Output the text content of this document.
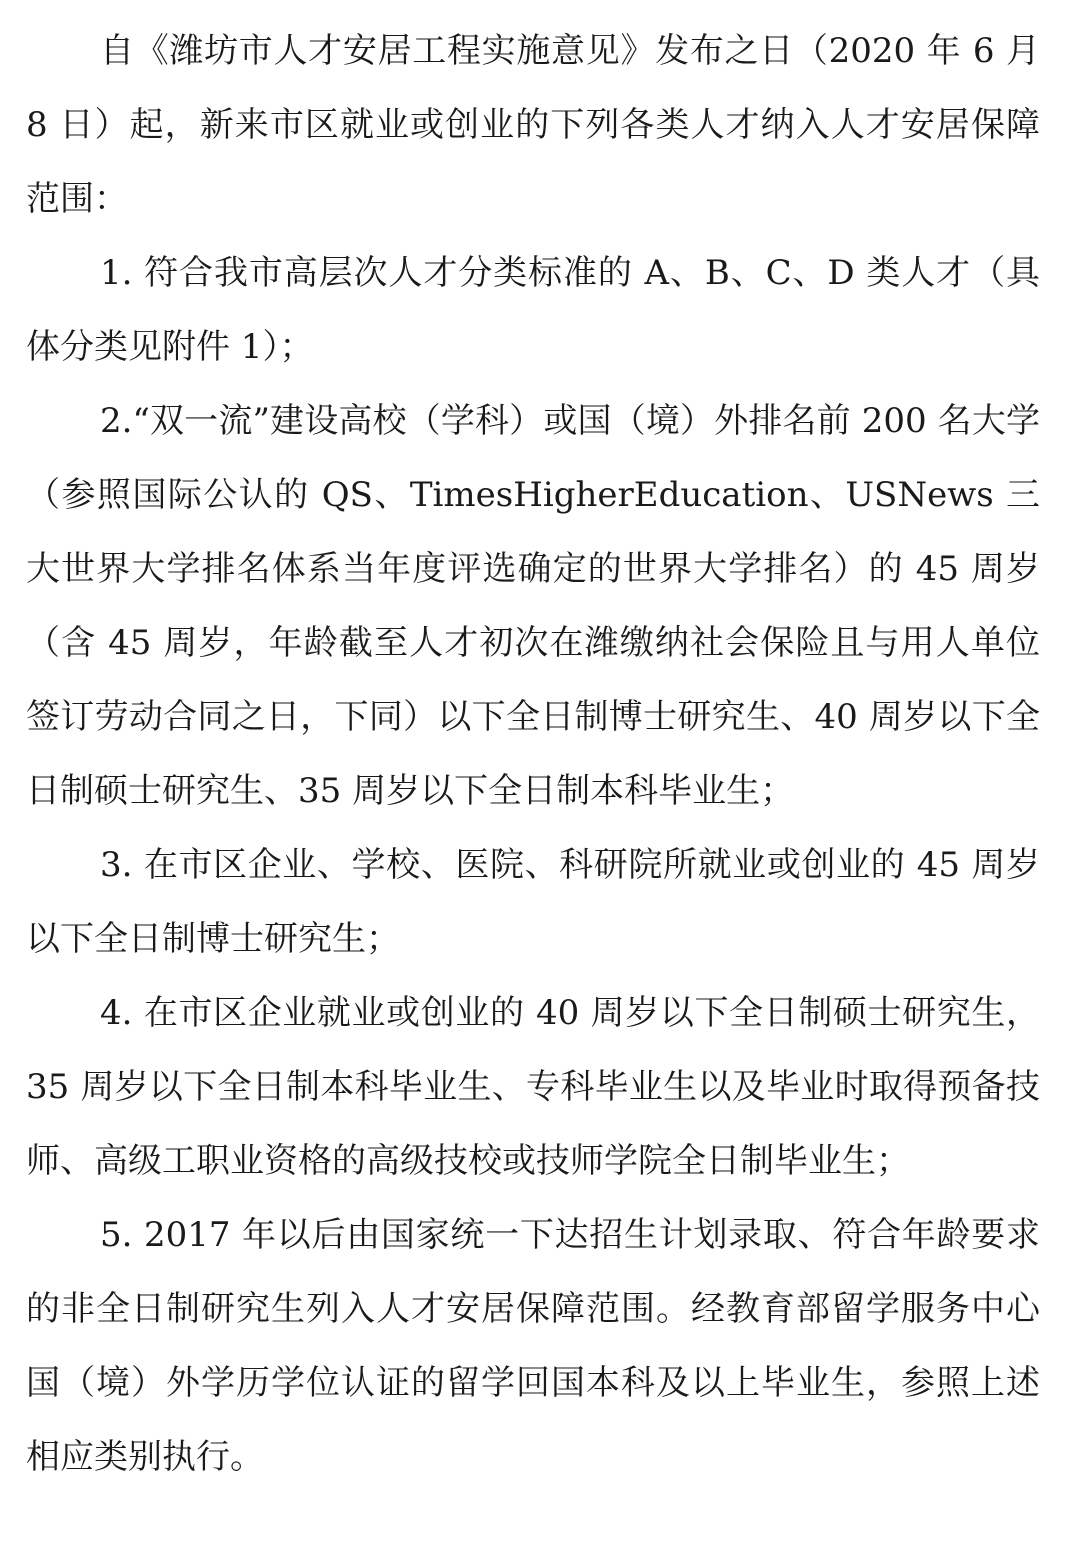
自《潍坊市人才安居工程实施意见》发布之日（2020 年 6 月 8 日）起，新来市区就业或创业的下列各类人才纳入人才安居保障范围：

1. 符合我市高层次人才分类标准的 A、B、C、D 类人才（具体分类见附件 1）；

2.“双一流”建设高校（学科）或国（境）外排名前 200 名大学（参照国际公认的 QS、TimesHigherEducation、USNews 三大世界大学排名体系当年度评选确定的世界大学排名）的 45 周岁（含 45 周岁，年龄截至人才初次在潍缴纳社会保险且与用人单位签订劳动合同之日，下同）以下全日制博士研究生、40 周岁以下全日制硕士研究生、35 周岁以下全日制本科毕业生；

3. 在市区企业、学校、医院、科研院所就业或创业的 45 周岁以下全日制博士研究生；

4. 在市区企业就业或创业的 40 周岁以下全日制硕士研究生，35 周岁以下全日制本科毕业生、专科毕业生以及毕业时取得预备技师、高级工职业资格的高级技校或技师学院全日制毕业生；

5. 2017 年以后由国家统一下达招生计划录取、符合年龄要求的非全日制研究生列入人才安居保障范围。经教育部留学服务中心国（境）外学历学位认证的留学回国本科及以上毕业生，参照上述相应类别执行。
